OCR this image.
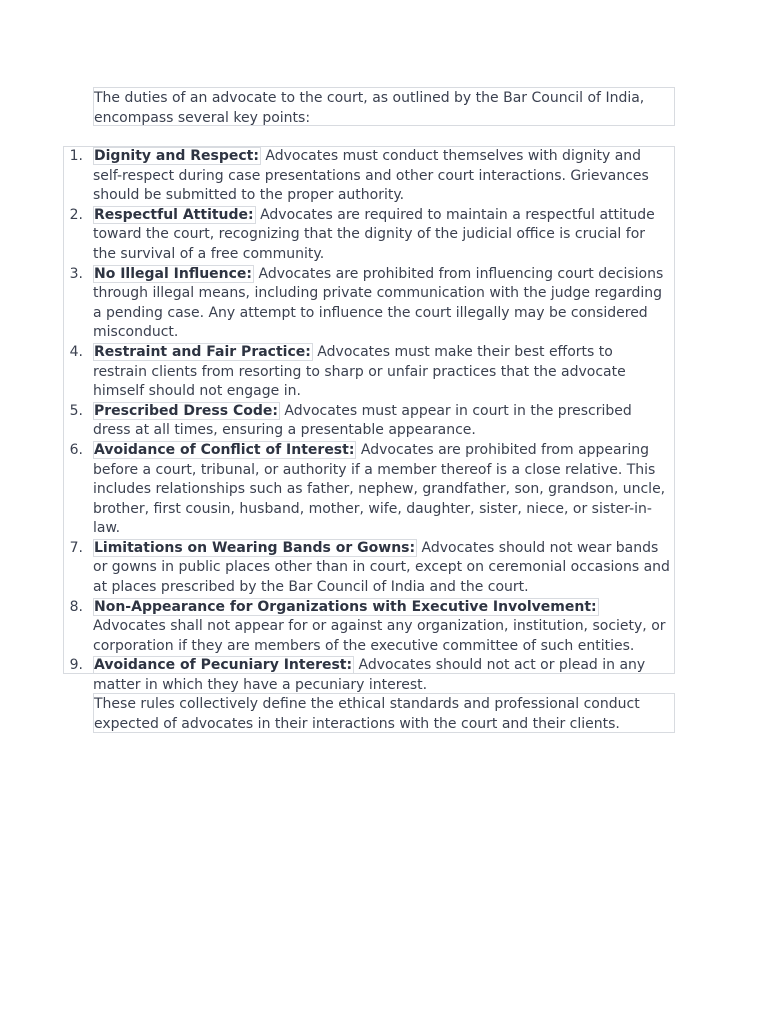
The duties of an advocate to the court, as outlined by the Bar Council of India, encompass several key points:

1. Dignity and Respect: Advocates must conduct themselves with dignity and self-respect during case presentations and other court interactions. Grievances should be submitted to the proper authority.
2. Respectful Attitude: Advocates are required to maintain a respectful attitude toward the court, recognizing that the dignity of the judicial office is crucial for the survival of a free community.
3. No Illegal Influence: Advocates are prohibited from influencing court decisions through illegal means, including private communication with the judge regarding a pending case. Any attempt to influence the court illegally may be considered misconduct.
4. Restraint and Fair Practice: Advocates must make their best efforts to restrain clients from resorting to sharp or unfair practices that the advocate himself should not engage in.
5. Prescribed Dress Code: Advocates must appear in court in the prescribed dress at all times, ensuring a presentable appearance.
6. Avoidance of Conflict of Interest: Advocates are prohibited from appearing before a court, tribunal, or authority if a member thereof is a close relative. This includes relationships such as father, nephew, grandfather, son, grandson, uncle, brother, first cousin, husband, mother, wife, daughter, sister, niece, or sister-in-law.
7. Limitations on Wearing Bands or Gowns: Advocates should not wear bands or gowns in public places other than in court, except on ceremonial occasions and at places prescribed by the Bar Council of India and the court.
8. Non-Appearance for Organizations with Executive Involvement: Advocates shall not appear for or against any organization, institution, society, or corporation if they are members of the executive committee of such entities.
9. Avoidance of Pecuniary Interest: Advocates should not act or plead in any matter in which they have a pecuniary interest.

These rules collectively define the ethical standards and professional conduct expected of advocates in their interactions with the court and their clients.
